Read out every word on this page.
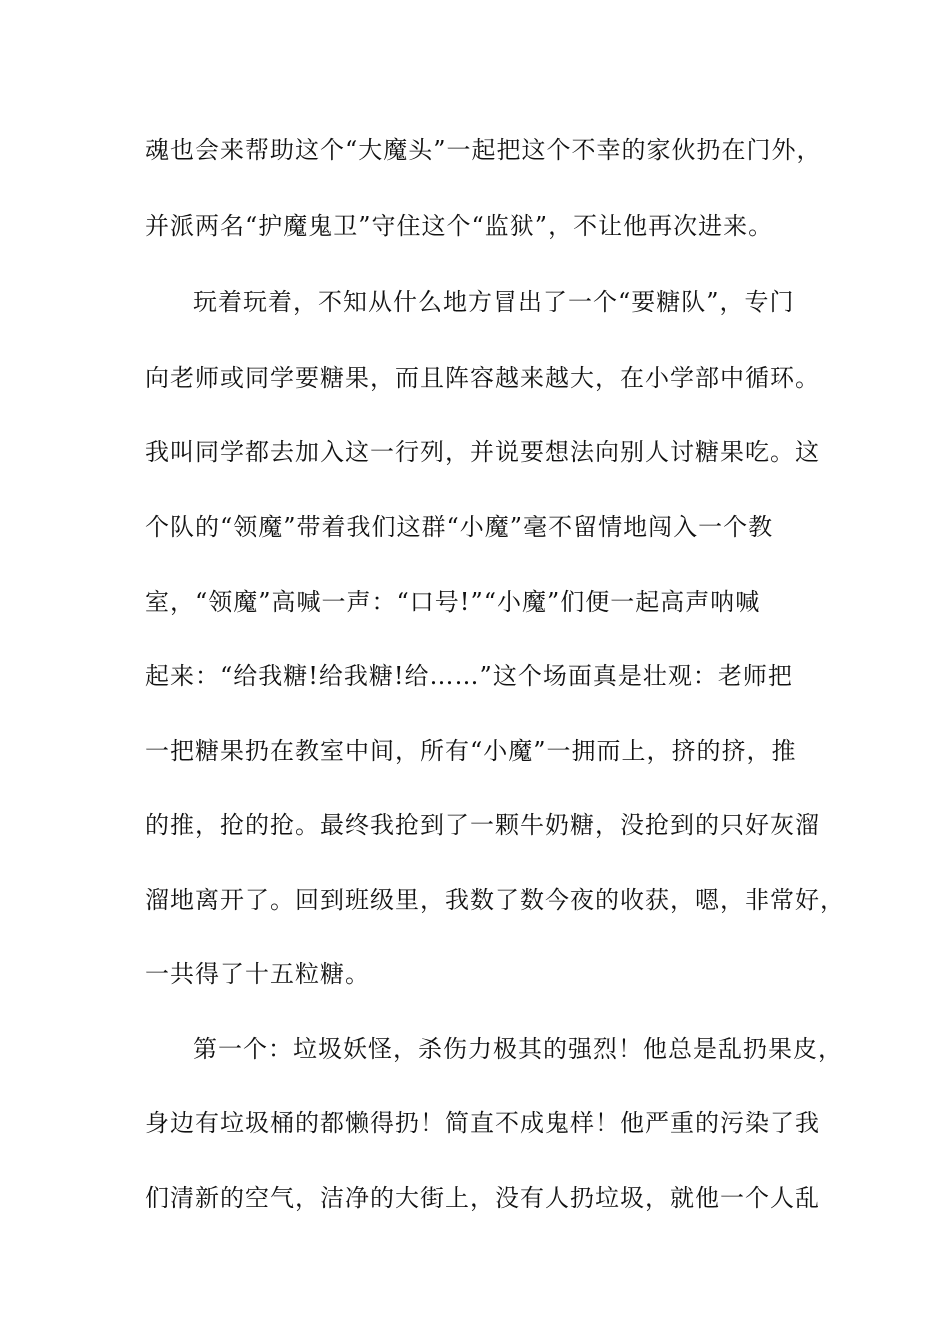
魂也会来帮助这个“大魔头”一起把这个不幸的家伙扔在门外，
并派两名“护魔鬼卫”守住这个“监狱”，不让他再次进来。
玩着玩着，不知从什么地方冒出了一个“要糖队”，专门
向老师或同学要糖果，而且阵容越来越大，在小学部中循环。
我叫同学都去加入这一行列，并说要想法向别人讨糖果吃。这
个队的“领魔”带着我们这群“小魔”毫不留情地闯入一个教
室，“领魔”高喊一声：“口号!”“小魔”们便一起高声呐喊
起来：“给我糖!给我糖!给……”这个场面真是壮观：老师把
一把糖果扔在教室中间，所有“小魔”一拥而上，挤的挤，推
的推，抢的抢。最终我抢到了一颗牛奶糖，没抢到的只好灰溜
溜地离开了。回到班级里，我数了数今夜的收获，嗯，非常好，
一共得了十五粒糖。
第一个：垃圾妖怪，杀伤力极其的强烈！他总是乱扔果皮，
身边有垃圾桶的都懒得扔！简直不成鬼样！他严重的污染了我
们清新的空气，洁净的大街上，没有人扔垃圾，就他一个人乱
